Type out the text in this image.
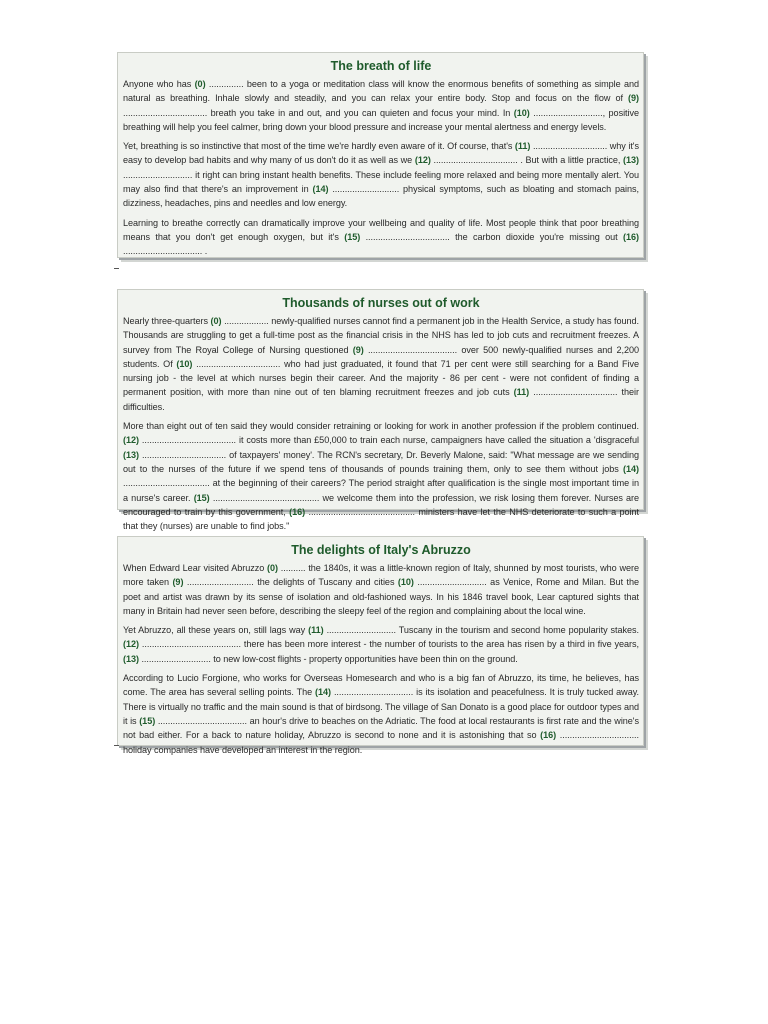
The breath of life

Anyone who has (0) .............. been to a yoga or meditation class will know the enormous benefits of something as simple and natural as breathing. Inhale slowly and steadily, and you can relax your entire body. Stop and focus on the flow of (9) .................................. breath you take in and out, and you can quieten and focus your mind. In (10) ............................, positive breathing will help you feel calmer, bring down your blood pressure and increase your mental alertness and energy levels.

Yet, breathing is so instinctive that most of the time we're hardly even aware of it. Of course, that's (11) .............................. why it's easy to develop bad habits and why many of us don't do it as well as we (12) .................................. . But with a little practice, (13) ............................ it right can bring instant health benefits. These include feeling more relaxed and being more mentally alert. You may also find that there's an improvement in (14) ........................... physical symptoms, such as bloating and stomach pains, dizziness, headaches, pins and needles and low energy.

Learning to breathe correctly can dramatically improve your wellbeing and quality of life. Most people think that poor breathing means that you don't get enough oxygen, but it's (15) .................................. the carbon dioxide you're missing out (16) ................................ .

Thousands of nurses out of work

Nearly three-quarters (0) .................. newly-qualified nurses cannot find a permanent job in the Health Service, a study has found. Thousands are struggling to get a full-time post as the financial crisis in the NHS has led to job cuts and recruitment freezes. A survey from The Royal College of Nursing questioned (9) .................................... over 500 newly-qualified nurses and 2,200 students. Of (10) .................................. who had just graduated, it found that 71 per cent were still searching for a Band Five nursing job - the level at which nurses begin their career. And the majority - 86 per cent - were not confident of finding a permanent position, with more than nine out of ten blaming recruitment freezes and job cuts (11) .................................. their difficulties.

More than eight out of ten said they would consider retraining or looking for work in another profession if the problem continued. (12) ...................................... it costs more than £50,000 to train each nurse, campaigners have called the situation a 'disgraceful (13) .................................. of taxpayers' money'. The RCN's secretary, Dr. Beverly Malone, said: "What message are we sending out to the nurses of the future if we spend tens of thousands of pounds training them, only to see them without jobs (14) ................................... at the beginning of their careers? The period straight after qualification is the single most important time in a nurse's career. (15) ........................................... we welcome them into the profession, we risk losing them forever. Nurses are encouraged to train by this government, (16) ........................................... ministers have let the NHS deteriorate to such a point that they (nurses) are unable to find jobs."

The delights of Italy's Abruzzo

When Edward Lear visited Abruzzo (0) .......... the 1840s, it was a little-known region of Italy, shunned by most tourists, who were more taken (9) ........................... the delights of Tuscany and cities (10) ............................ as Venice, Rome and Milan. But the poet and artist was drawn by its sense of isolation and old-fashioned ways. In his 1846 travel book, Lear captured sights that many in Britain had never seen before, describing the sleepy feel of the region and complaining about the local wine.

Yet Abruzzo, all these years on, still lags way (11) ............................ Tuscany in the tourism and second home popularity stakes. (12) ........................................ there has been more interest - the number of tourists to the area has risen by a third in five years, (13) ............................ to new low-cost flights - property opportunities have been thin on the ground.

According to Lucio Forgione, who works for Overseas Homesearch and who is a big fan of Abruzzo, its time, he believes, has come. The area has several selling points. The (14) ................................ is its isolation and peacefulness. It is truly tucked away. There is virtually no traffic and the main sound is that of birdsong. The village of San Donato is a good place for outdoor types and it is (15) .................................... an hour's drive to beaches on the Adriatic. The food at local restaurants is first rate and the wine's not bad either. For a back to nature holiday, Abruzzo is second to none and it is astonishing that so (16) ................................ holiday companies have developed an interest in the region.
